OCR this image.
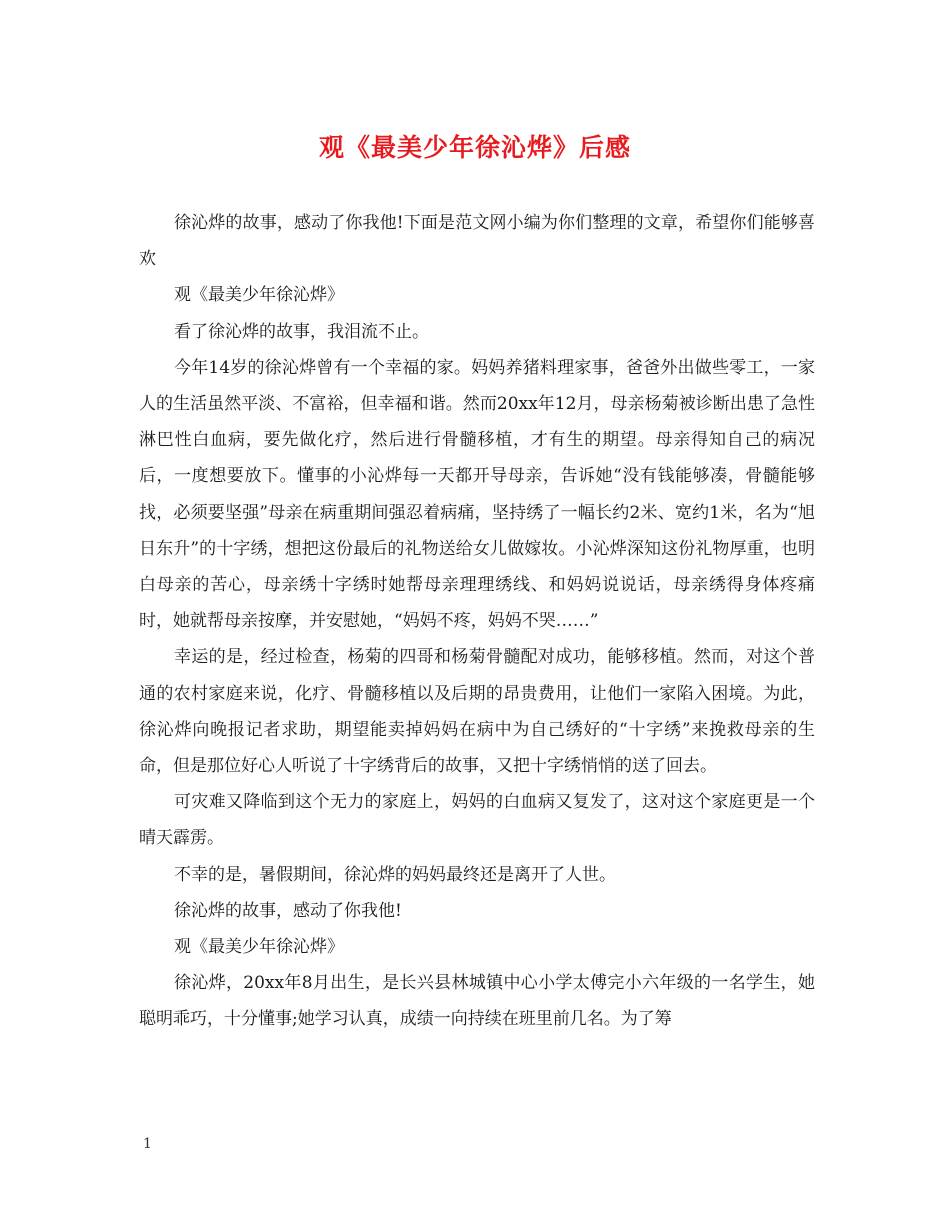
观《最美少年徐沁烨》后感

徐沁烨的故事，感动了你我他!下面是范文网小编为你们整理的文章，希望你们能够喜欢

观《最美少年徐沁烨》

看了徐沁烨的故事，我泪流不止。

今年14岁的徐沁烨曾有一个幸福的家。妈妈养猪料理家事，爸爸外出做些零工，一家人的生活虽然平淡、不富裕，但幸福和谐。然而20xx年12月，母亲杨菊被诊断出患了急性淋巴性白血病，要先做化疗，然后进行骨髓移植，才有生的期望。母亲得知自己的病况后，一度想要放下。懂事的小沁烨每一天都开导母亲，告诉她“没有钱能够凑，骨髓能够找，必须要坚强”母亲在病重期间强忍着病痛，坚持绣了一幅长约2米、宽约1米，名为“旭日东升”的十字绣，想把这份最后的礼物送给女儿做嫁妆。小沁烨深知这份礼物厚重，也明白母亲的苦心，母亲绣十字绣时她帮母亲理理绣线、和妈妈说说话，母亲绣得身体疼痛时，她就帮母亲按摩，并安慰她，“妈妈不疼，妈妈不哭……”

幸运的是，经过检查，杨菊的四哥和杨菊骨髓配对成功，能够移植。然而，对这个普通的农村家庭来说，化疗、骨髓移植以及后期的昂贵费用，让他们一家陷入困境。为此，徐沁烨向晚报记者求助，期望能卖掉妈妈在病中为自己绣好的“十字绣”来挽救母亲的生命，但是那位好心人听说了十字绣背后的故事，又把十字绣悄悄的送了回去。

可灾难又降临到这个无力的家庭上，妈妈的白血病又复发了，这对这个家庭更是一个晴天霹雳。

不幸的是，暑假期间，徐沁烨的妈妈最终还是离开了人世。

徐沁烨的故事，感动了你我他!

观《最美少年徐沁烨》

徐沁烨，20xx年8月出生，是长兴县林城镇中心小学太傅完小六年级的一名学生，她聪明乖巧，十分懂事;她学习认真，成绩一向持续在班里前几名。为了筹

1
